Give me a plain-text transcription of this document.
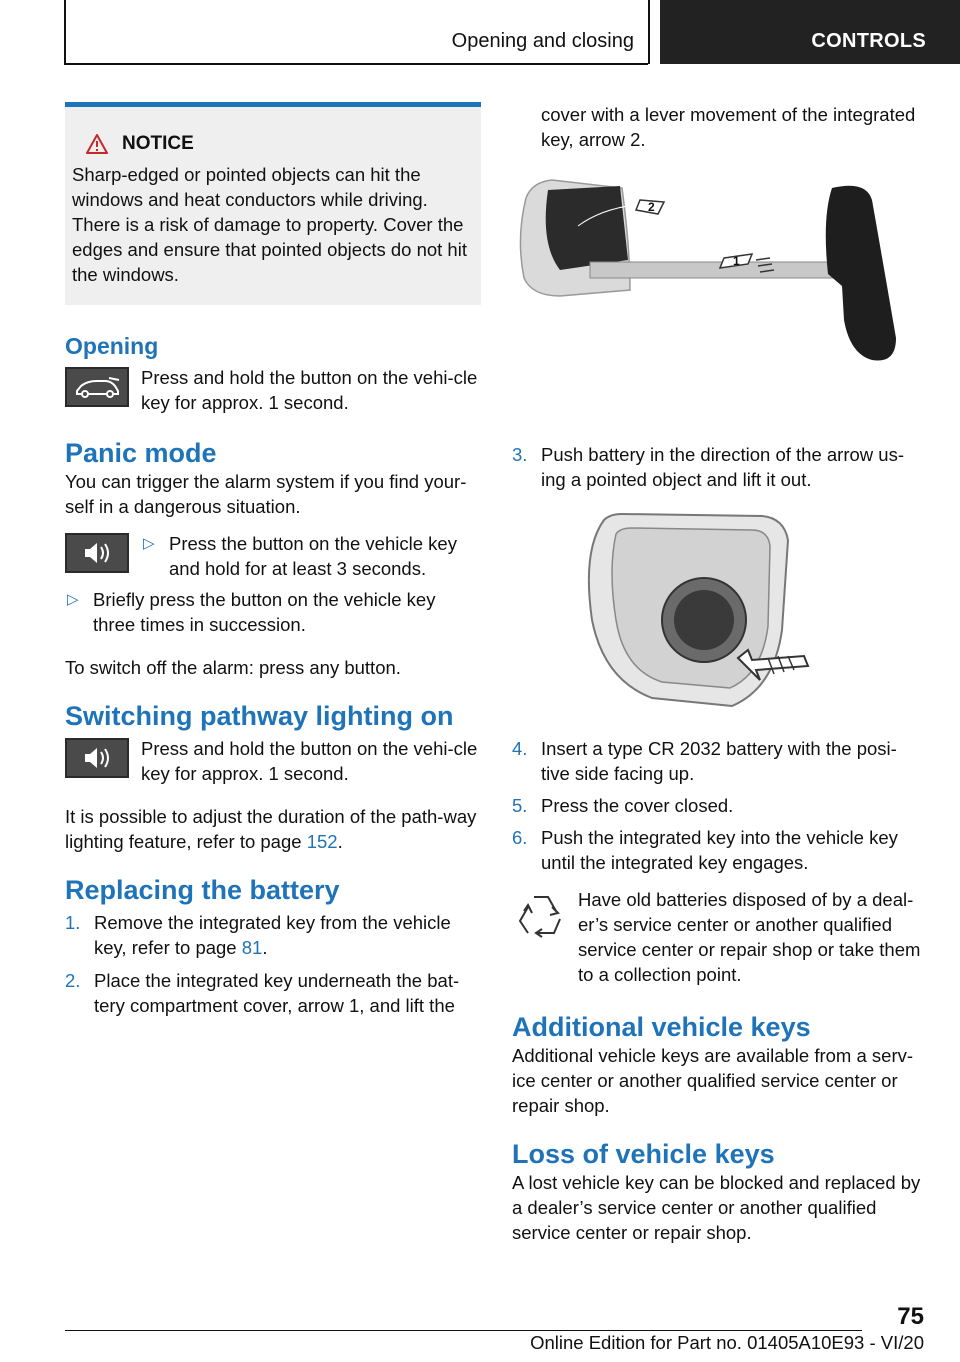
Opening and closing	CONTROLS
NOTICE

Sharp-edged or pointed objects can hit the windows and heat conductors while driving. There is a risk of damage to property. Cover the edges and ensure that pointed objects do not hit the windows.

Opening
Press and hold the button on the vehi‐cle key for approx. 1 second.
Panic mode

You can trigger the alarm system if you find your‐self in a dangerous situation.

▷ Press the button on the vehicle key and hold for at least 3 seconds.
▷ Briefly press the button on the vehicle key three times in succession.

To switch off the alarm: press any button.

Switching pathway lighting on
Press and hold the button on the vehi‐cle key for approx. 1 second.

It is possible to adjust the duration of the path‐way lighting feature, refer to page 152.

Replacing the battery
1. Remove the integrated key from the vehicle key, refer to page 81.
2. Place the integrated key underneath the bat‐tery compartment cover, arrow 1, and lift the
cover with a lever movement of the integrated key, arrow 2.
2
1
3. Push battery in the direction of the arrow us‐ing a pointed object and lift it out.
4. Insert a type CR 2032 battery with the posi‐tive side facing up.
5. Press the cover closed.
6. Push the integrated key into the vehicle key until the integrated key engages.
Have old batteries disposed of by a deal‐er’s service center or another qualified service center or repair shop or take them to a collection point.
Additional vehicle keys

Additional vehicle keys are available from a serv‐ice center or another qualified service center or repair shop.

Loss of vehicle keys

A lost vehicle key can be blocked and replaced by a dealer’s service center or another qualified service center or repair shop.

75
Online Edition for Part no. 01405A10E93 - VI/20
